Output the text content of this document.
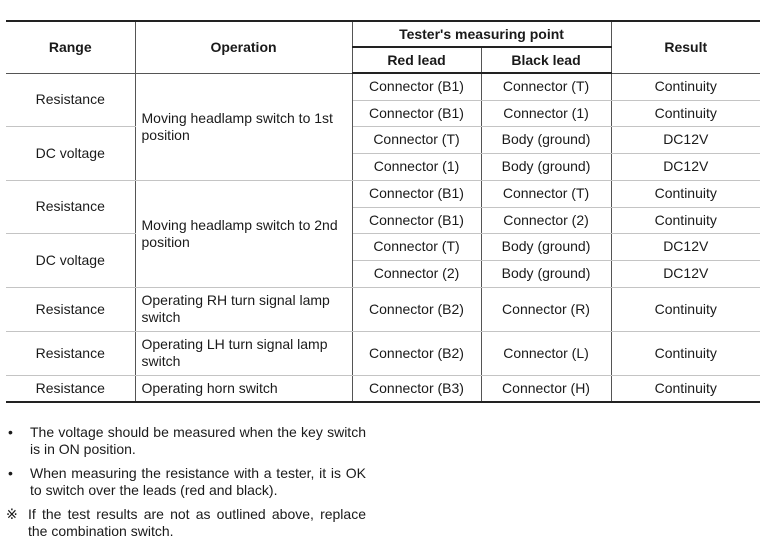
Range	Operation	Tester's measuring point		Result
		Red lead	Black lead	
Resistance	Moving headlamp switch to 1st position	Connector (B1)	Connector (T)	Continuity
		Connector (B1)	Connector (1)	Continuity
DC voltage		Connector (T)	Body (ground)	DC12V
		Connector (1)	Body (ground)	DC12V
Resistance	Moving headlamp switch to 2nd position	Connector (B1)	Connector (T)	Continuity
		Connector (B1)	Connector (2)	Continuity
DC voltage		Connector (T)	Body (ground)	DC12V
		Connector (2)	Body (ground)	DC12V
Resistance	Operating RH turn signal lamp switch	Connector (B2)	Connector (R)	Continuity
Resistance	Operating LH turn signal lamp switch	Connector (B2)	Connector (L)	Continuity
Resistance	Operating horn switch	Connector (B3)	Connector (H)	Continuity
•	The voltage should be measured when the key switch is in ON position.
•	When measuring the resistance with a tester, it is OK to switch over the leads (red and black).
※ If the test results are not as outlined above, replace the combination switch.
